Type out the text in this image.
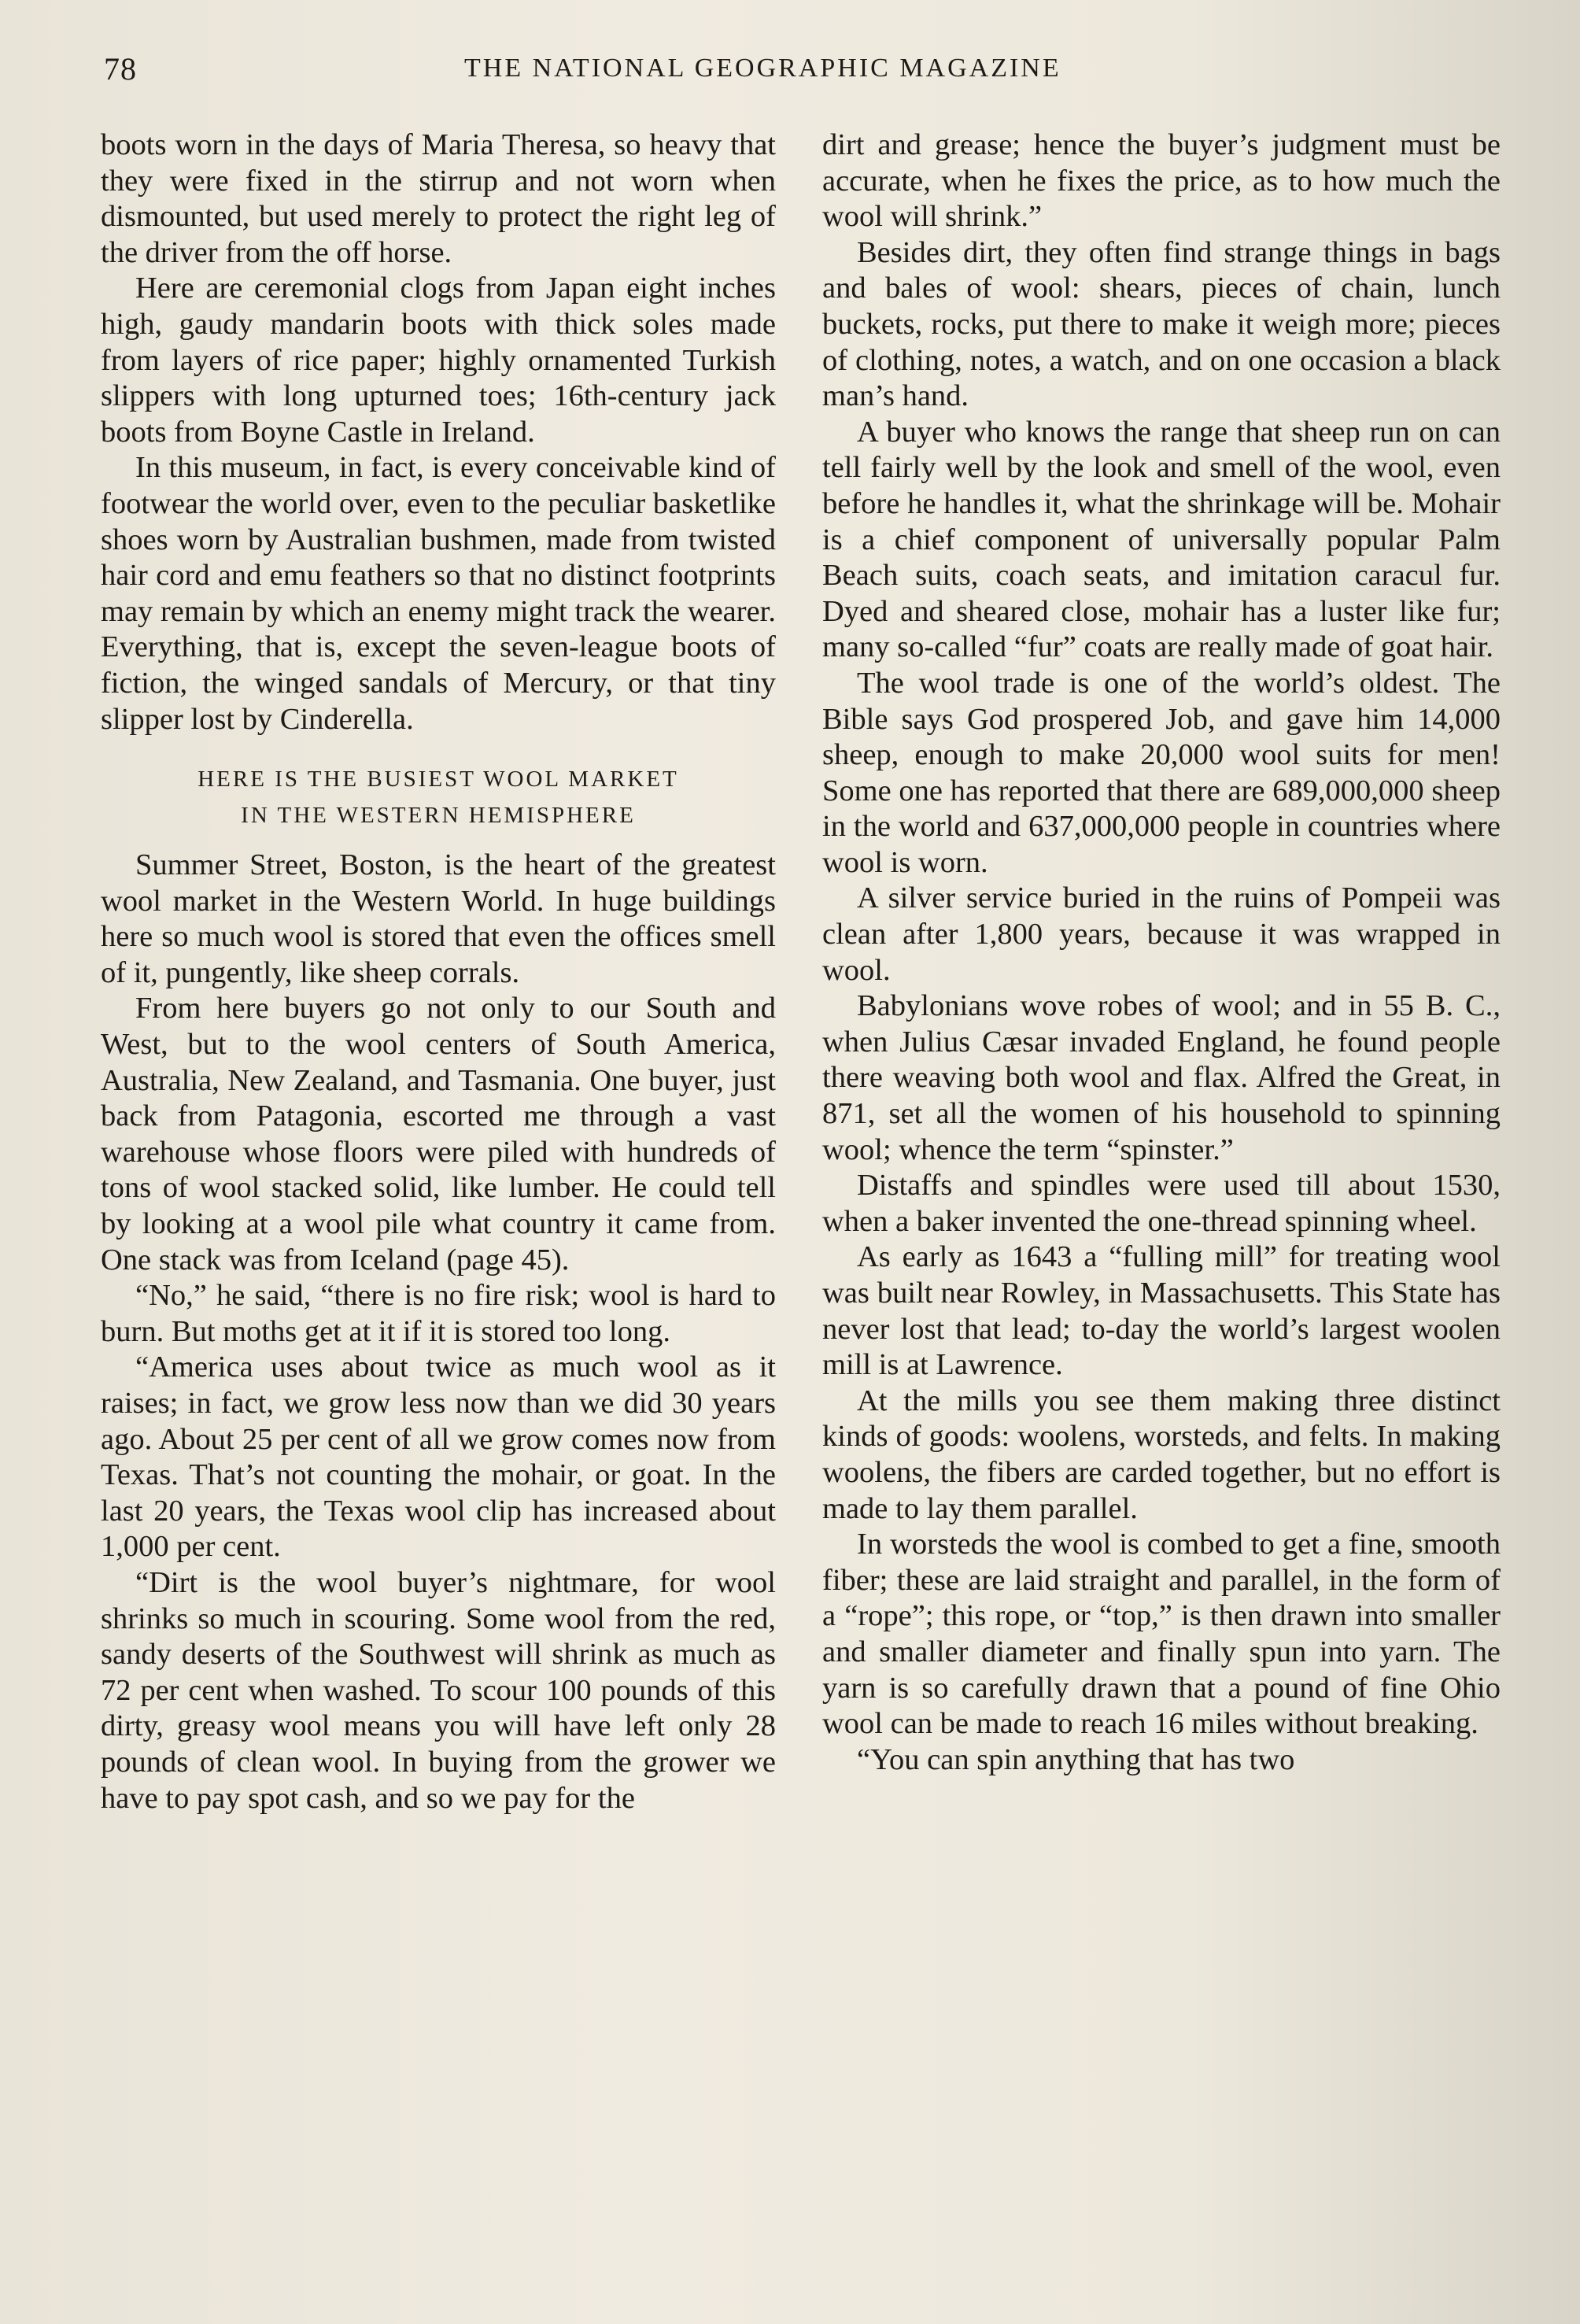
78	THE NATIONAL GEOGRAPHIC MAGAZINE

boots worn in the days of Maria Theresa, so heavy that they were fixed in the stirrup and not worn when dismounted, but used merely to protect the right leg of the driver from the off horse.

Here are ceremonial clogs from Japan eight inches high, gaudy mandarin boots with thick soles made from layers of rice paper; highly ornamented Turkish slippers with long upturned toes; 16th-century jack boots from Boyne Castle in Ireland.

In this museum, in fact, is every conceivable kind of footwear the world over, even to the peculiar basketlike shoes worn by Australian bushmen, made from twisted hair cord and emu feathers so that no distinct footprints may remain by which an enemy might track the wearer. Everything, that is, except the seven-league boots of fiction, the winged sandals of Mercury, or that tiny slipper lost by Cinderella.

HERE IS THE BUSIEST WOOL MARKET
IN THE WESTERN HEMISPHERE

Summer Street, Boston, is the heart of the greatest wool market in the Western World. In huge buildings here so much wool is stored that even the offices smell of it, pungently, like sheep corrals.

From here buyers go not only to our South and West, but to the wool centers of South America, Australia, New Zealand, and Tasmania. One buyer, just back from Patagonia, escorted me through a vast warehouse whose floors were piled with hundreds of tons of wool stacked solid, like lumber. He could tell by looking at a wool pile what country it came from. One stack was from Iceland (page 45).

“No,” he said, “there is no fire risk; wool is hard to burn. But moths get at it if it is stored too long.

“America uses about twice as much wool as it raises; in fact, we grow less now than we did 30 years ago. About 25 per cent of all we grow comes now from Texas. That’s not counting the mohair, or goat. In the last 20 years, the Texas wool clip has increased about 1,000 per cent.

“Dirt is the wool buyer’s nightmare, for wool shrinks so much in scouring. Some wool from the red, sandy deserts of the Southwest will shrink as much as 72 per cent when washed. To scour 100 pounds of this dirty, greasy wool means you will have left only 28 pounds of clean wool. In buying from the grower we have to pay spot cash, and so we pay for the

dirt and grease; hence the buyer’s judgment must be accurate, when he fixes the price, as to how much the wool will shrink.”

Besides dirt, they often find strange things in bags and bales of wool: shears, pieces of chain, lunch buckets, rocks, put there to make it weigh more; pieces of clothing, notes, a watch, and on one occasion a black man’s hand.

A buyer who knows the range that sheep run on can tell fairly well by the look and smell of the wool, even before he handles it, what the shrinkage will be. Mohair is a chief component of universally popular Palm Beach suits, coach seats, and imitation caracul fur. Dyed and sheared close, mohair has a luster like fur; many so-called “fur” coats are really made of goat hair.

The wool trade is one of the world’s oldest. The Bible says God prospered Job, and gave him 14,000 sheep, enough to make 20,000 wool suits for men! Some one has reported that there are 689,000,000 sheep in the world and 637,000,000 people in countries where wool is worn.

A silver service buried in the ruins of Pompeii was clean after 1,800 years, because it was wrapped in wool.

Babylonians wove robes of wool; and in 55 B. C., when Julius Cæsar invaded England, he found people there weaving both wool and flax. Alfred the Great, in 871, set all the women of his household to spinning wool; whence the term “spinster.”

Distaffs and spindles were used till about 1530, when a baker invented the one-thread spinning wheel.

As early as 1643 a “fulling mill” for treating wool was built near Rowley, in Massachusetts. This State has never lost that lead; to-day the world’s largest woolen mill is at Lawrence.

At the mills you see them making three distinct kinds of goods: woolens, worsteds, and felts. In making woolens, the fibers are carded together, but no effort is made to lay them parallel.

In worsteds the wool is combed to get a fine, smooth fiber; these are laid straight and parallel, in the form of a “rope”; this rope, or “top,” is then drawn into smaller and smaller diameter and finally spun into yarn. The yarn is so carefully drawn that a pound of fine Ohio wool can be made to reach 16 miles without breaking.

“You can spin anything that has two
